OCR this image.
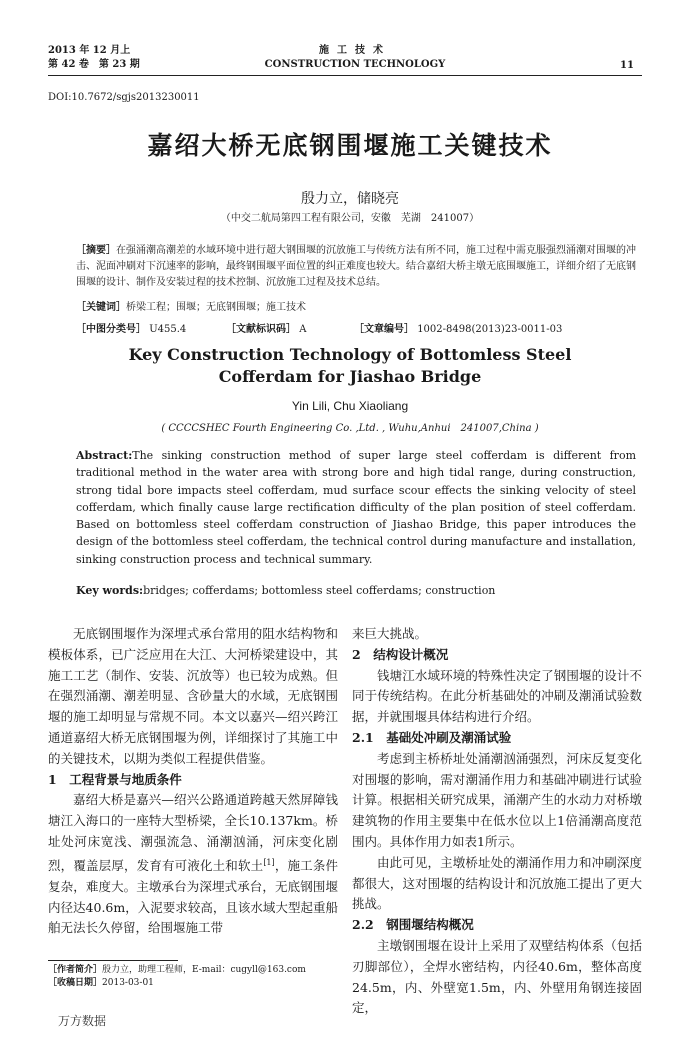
2013 年 12 月上
第 42 卷　第 23 期
施工技术
CONSTRUCTION TECHNOLOGY	11
DOI:10.7672/sgjs2013230011
嘉绍大桥无底钢围堰施工关键技术
殷力立，储晓亮
（中交二航局第四工程有限公司，安徽　芜湖　241007）
［摘要］在强涌潮高潮差的水域环境中进行超大钢围堰的沉放施工与传统方法有所不同，施工过程中需克服强烈涌潮对围堰的冲击、泥面冲刷对下沉速率的影响，最终钢围堰平面位置的纠正难度也较大。结合嘉绍大桥主墩无底围堰施工，详细介绍了无底钢围堰的设计、制作及安装过程的技术控制、沉放施工过程及技术总结。
［关键词］桥梁工程；围堰；无底钢围堰；施工技术
［中图分类号］ U455.4	［文献标识码］ A	［文章编号］ 1002-8498(2013)23-0011-03
Key Construction Technology of Bottomless Steel
Cofferdam for Jiashao Bridge
Yin Lili, Chu Xiaoliang
( CCCCSHEC Fourth Engineering Co. ,Ltd. , Wuhu,Anhui　241007,China )
Abstract:The sinking construction method of super large steel cofferdam is different from traditional method in the water area with strong bore and high tidal range, during construction, strong tidal bore impacts steel cofferdam, mud surface scour effects the sinking velocity of steel cofferdam, which finally cause large rectification difficulty of the plan position of steel cofferdam. Based on bottomless steel cofferdam construction of Jiashao Bridge, this paper introduces the design of the bottomless steel cofferdam, the technical control during manufacture and installation, sinking construction process and technical summary.
Key words:bridges; cofferdams; bottomless steel cofferdams; construction

无底钢围堰作为深埋式承台常用的阻水结构物和模板体系，已广泛应用在大江、大河桥梁建设中，其施工工艺（制作、安装、沉放等）也已较为成熟。但在强烈涌潮、潮差明显、含砂量大的水域，无底钢围堰的施工却明显与常规不同。本文以嘉兴—绍兴跨江通道嘉绍大桥无底钢围堰为例，详细探讨了其施工中的关键技术，以期为类似工程提供借鉴。

1　工程背景与地质条件

嘉绍大桥是嘉兴—绍兴公路通道跨越天然屏障钱塘江入海口的一座特大型桥梁，全长10.137km。桥址处河床宽浅、潮强流急、涌潮汹涌，河床变化剧烈，覆盖层厚，发育有可液化土和软土[1]，施工条件复杂，难度大。主墩承台为深埋式承台，无底钢围堰内径达40.6m，入泥要求较高，且该水域大型起重船舶无法长久停留，给围堰施工带

来巨大挑战。
2　结构设计概况

钱塘江水域环境的特殊性决定了钢围堰的设计不同于传统结构。在此分析基础处的冲刷及潮涌试验数据，并就围堰具体结构进行介绍。

2.1　基础处冲刷及潮涌试验

考虑到主桥桥址处涌潮汹涌强烈，河床反复变化对围堰的影响，需对潮涌作用力和基础冲刷进行试验计算。根据相关研究成果，涌潮产生的水动力对桥墩建筑物的作用主要集中在低水位以上1倍涌潮高度范围内。具体作用力如表1所示。

由此可见，主墩桥址处的潮涌作用力和冲刷深度都很大，这对围堰的结构设计和沉放施工提出了更大挑战。

2.2　钢围堰结构概况

主墩钢围堰在设计上采用了双壁结构体系（包括刃脚部位），全焊水密结构，内径40.6m，整体高度24.5m，内、外壁宽1.5m，内、外壁用角钢连接固定，

［作者简介］殷力立，助理工程师，E-mail：cugyll@163.com
［收稿日期］2013-03-01
万方数据
